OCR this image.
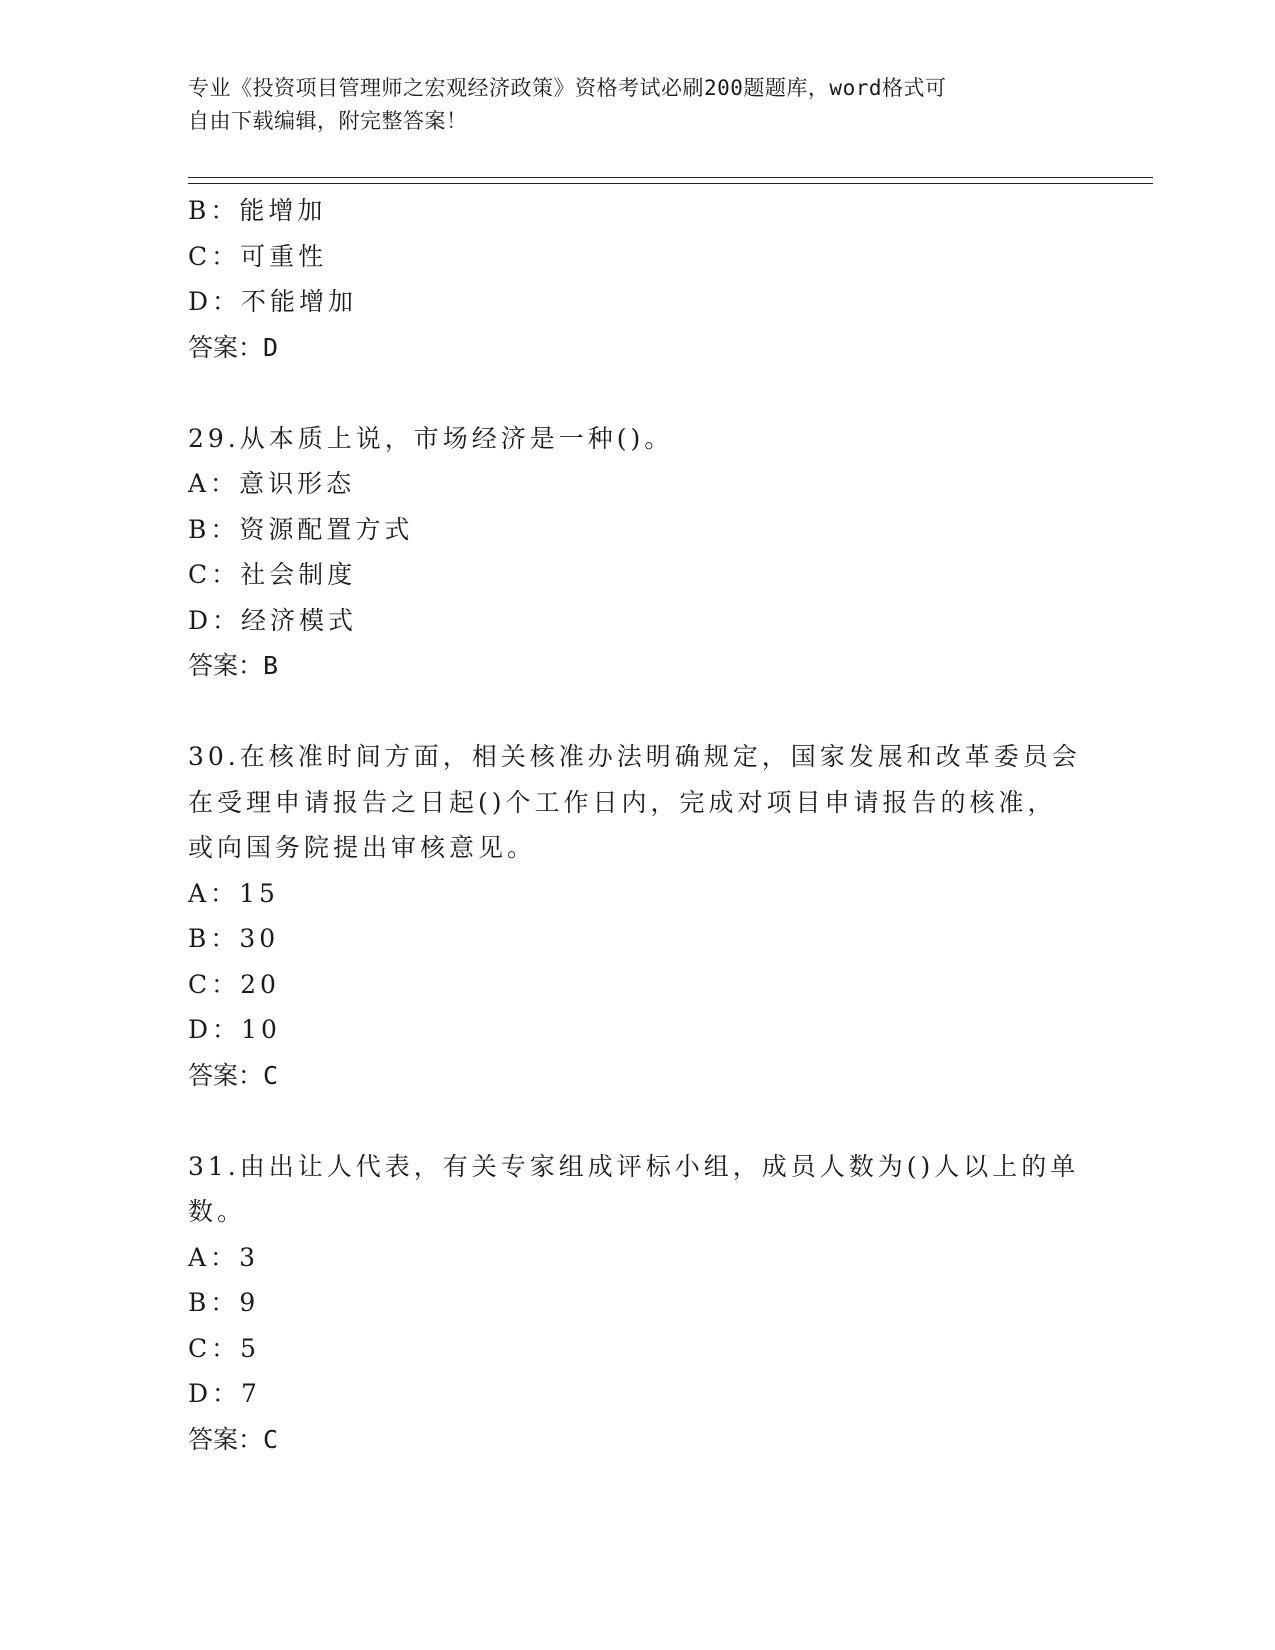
专业《投资项目管理师之宏观经济政策》资格考试必刷200题题库，word格式可
自由下载编辑，附完整答案！
B：能增加
C：可重性
D：不能增加
答案：D
29.从本质上说，市场经济是一种()。
A：意识形态
B：资源配置方式
C：社会制度
D：经济模式
答案：B
30.在核准时间方面，相关核准办法明确规定，国家发展和改革委员会
在受理申请报告之日起()个工作日内，完成对项目申请报告的核准，
或向国务院提出审核意见。
A：15
B：30
C：20
D：10
答案：C
31.由出让人代表，有关专家组成评标小组，成员人数为()人以上的单
数。
A：3
B：9
C：5
D：7
答案：C
